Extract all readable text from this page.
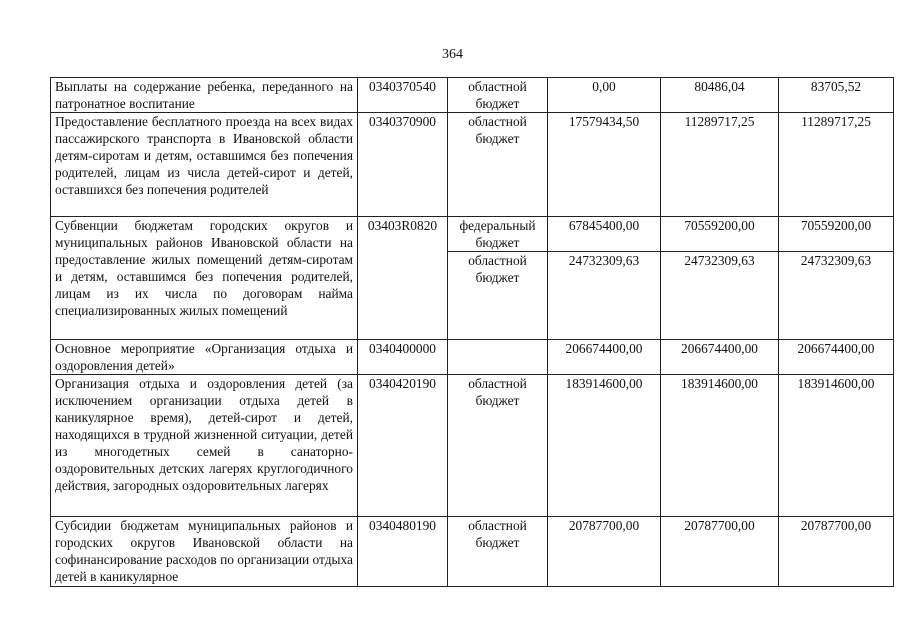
364
Выплаты на содержание ребенка, переданного на патронатное воспитание	0340370540	областной бюджет	0,00	80486,04	83705,52
Предоставление бесплатного проезда на всех видах пассажирского транспорта в Ивановской области детям-сиротам и детям, оставшимся без попечения родителей, лицам из числа детей-сирот и детей, оставшихся без попечения родителей	0340370900	областной бюджет	17579434,50	11289717,25	11289717,25
Субвенции бюджетам городских округов и муниципальных районов Ивановской области на предоставление жилых помещений детям-сиротам и детям, оставшимся без попечения родителей, лицам из их числа по договорам найма специализированных жилых помещений	03403R0820	федеральный бюджет	67845400,00	70559200,00	70559200,00
		областной бюджет	24732309,63	24732309,63	24732309,63
Основное мероприятие «Организация отдыха и оздоровления детей»	0340400000		206674400,00	206674400,00	206674400,00
Организация отдыха и оздоровления детей (за исключением организации отдыха детей в каникулярное время), детей-сирот и детей, находящихся в трудной жизненной ситуации, детей из многодетных семей в санаторно-оздоровительных детских лагерях круглогодичного действия, загородных оздоровительных лагерях	0340420190	областной бюджет	183914600,00	183914600,00	183914600,00
Субсидии бюджетам муниципальных районов и городских округов Ивановской области на софинансирование расходов по организации отдыха детей в каникулярное	0340480190	областной бюджет	20787700,00	20787700,00	20787700,00
